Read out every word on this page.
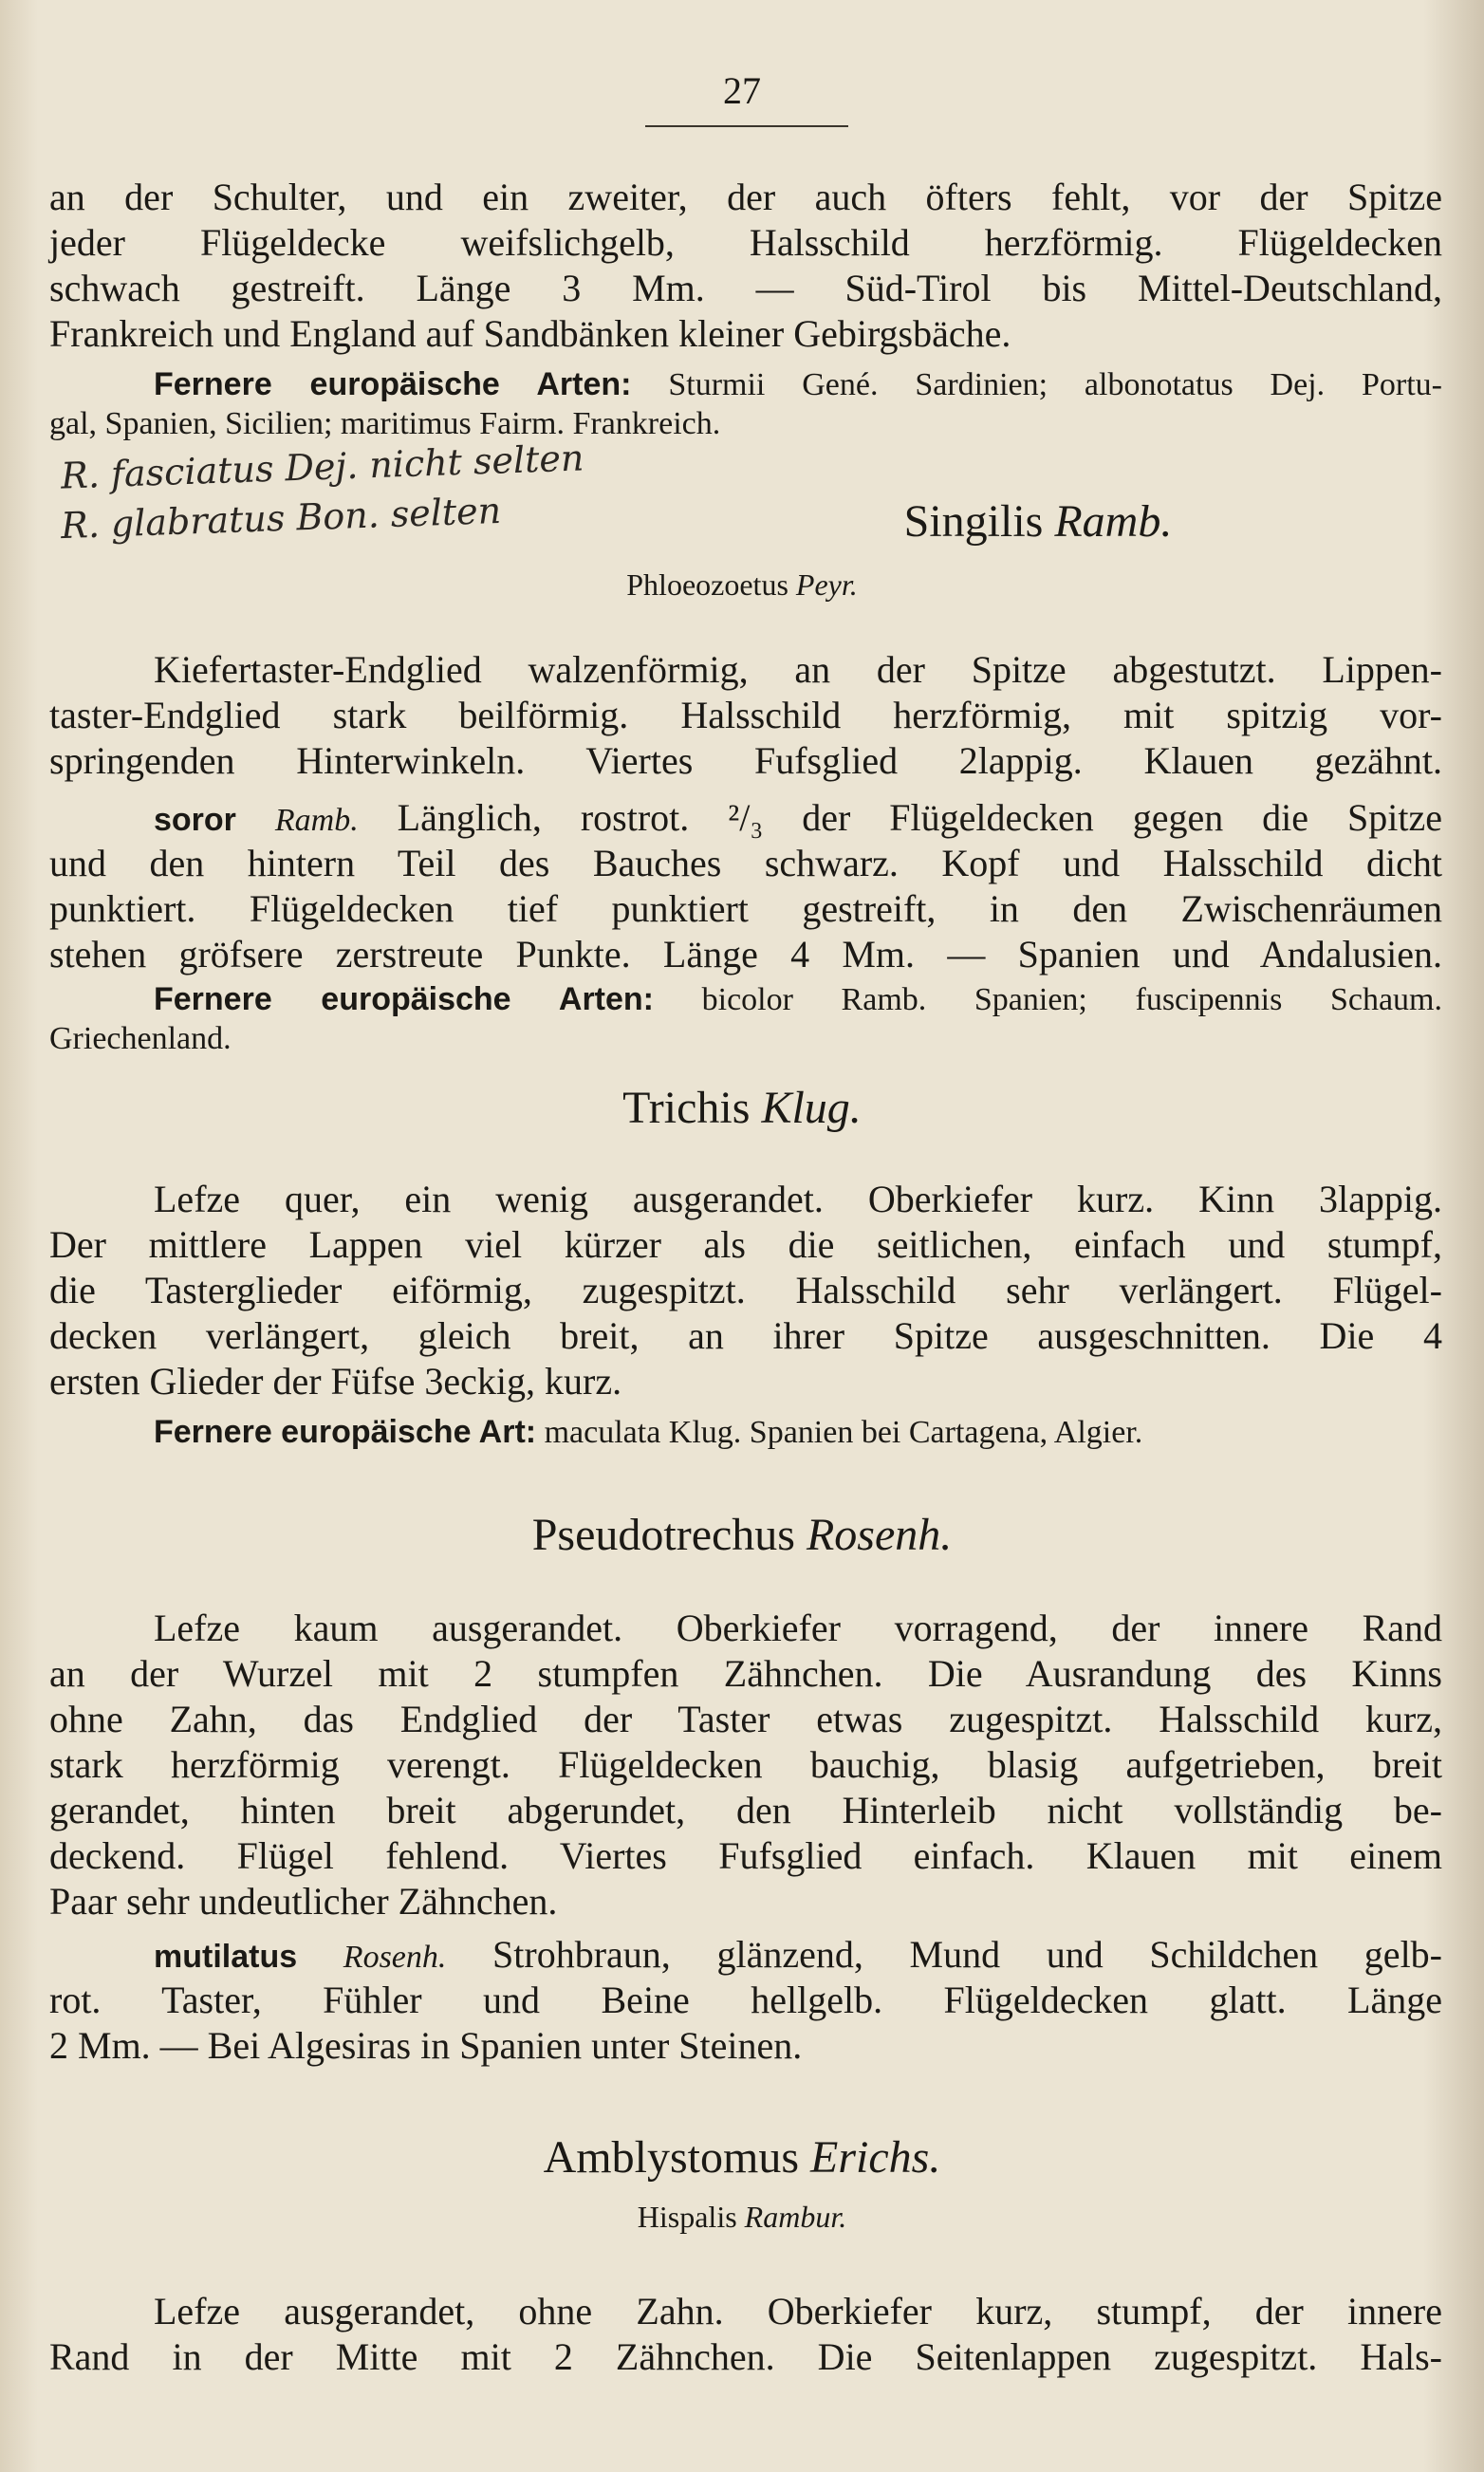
27
an der Schulter, und ein zweiter, der auch öfters fehlt, vor der Spitze
jeder Flügeldecke weifslichgelb, Halsschild herzförmig. Flügeldecken
schwach gestreift. Länge 3 Mm. — Süd-Tirol bis Mittel-Deutschland,
Frankreich und England auf Sandbänken kleiner Gebirgsbäche.
Fernere europäische Arten: Sturmii Gené. Sardinien; albonotatus Dej. Portu-
gal, Spanien, Sicilien; maritimus Fairm. Frankreich.
R. fasciatus Dej. nicht selten
R. glabratus Bon. selten	Singilis Ramb.
Phloeozoetus Peyr.
Kiefertaster-Endglied walzenförmig, an der Spitze abgestutzt. Lippen-
taster-Endglied stark beilförmig. Halsschild herzförmig, mit spitzig vor-
springenden Hinterwinkeln. Viertes Fufsglied 2lappig. Klauen gezähnt.
soror Ramb. Länglich, rostrot. ²/₃ der Flügeldecken gegen die Spitze
und den hintern Teil des Bauches schwarz. Kopf und Halsschild dicht
punktiert. Flügeldecken tief punktiert gestreift, in den Zwischenräumen
stehen gröfsere zerstreute Punkte. Länge 4 Mm. — Spanien und Andalusien.
Fernere europäische Arten: bicolor Ramb. Spanien; fuscipennis Schaum.
Griechenland.
Trichis Klug.
Lefze quer, ein wenig ausgerandet. Oberkiefer kurz. Kinn 3lappig.
Der mittlere Lappen viel kürzer als die seitlichen, einfach und stumpf,
die Tasterglieder eiförmig, zugespitzt. Halsschild sehr verlängert. Flügel-
decken verlängert, gleich breit, an ihrer Spitze ausgeschnitten. Die 4
ersten Glieder der Füfse 3eckig, kurz.
Fernere europäische Art: maculata Klug. Spanien bei Cartagena, Algier.
Pseudotrechus Rosenh.
Lefze kaum ausgerandet. Oberkiefer vorragend, der innere Rand
an der Wurzel mit 2 stumpfen Zähnchen. Die Ausrandung des Kinns
ohne Zahn, das Endglied der Taster etwas zugespitzt. Halsschild kurz,
stark herzförmig verengt. Flügeldecken bauchig, blasig aufgetrieben, breit
gerandet, hinten breit abgerundet, den Hinterleib nicht vollständig be-
deckend. Flügel fehlend. Viertes Fufsglied einfach. Klauen mit einem
Paar sehr undeutlicher Zähnchen.
mutilatus Rosenh. Strohbraun, glänzend, Mund und Schildchen gelb-
rot. Taster, Fühler und Beine hellgelb. Flügeldecken glatt. Länge
2 Mm. — Bei Algesiras in Spanien unter Steinen.
Amblystomus Erichs.
Hispalis Rambur.
Lefze ausgerandet, ohne Zahn. Oberkiefer kurz, stumpf, der innere
Rand in der Mitte mit 2 Zähnchen. Die Seitenlappen zugespitzt. Hals-
